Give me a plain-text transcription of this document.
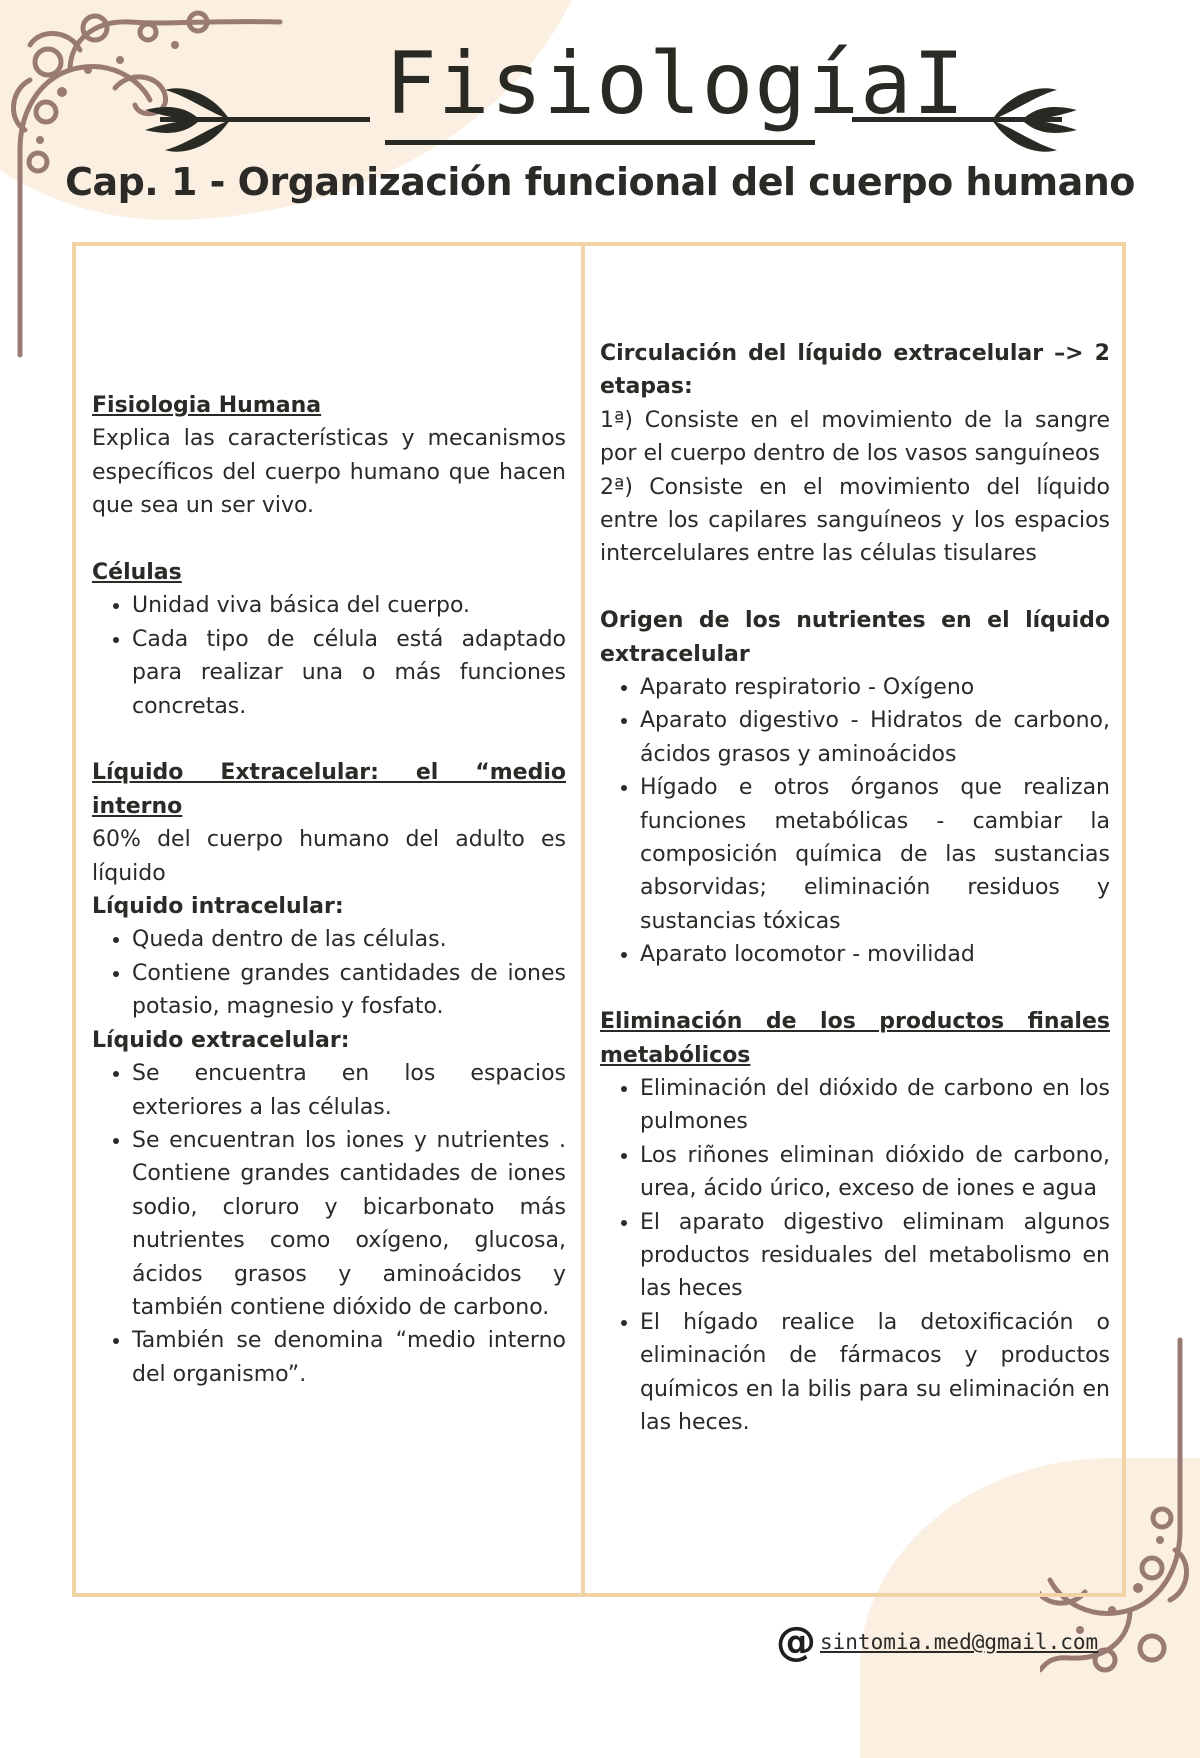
FisiologíaI
Cap. 1 - Organización funcional del cuerpo humano

Fisiologia Humana

Explica las características y mecanismos específicos del cuerpo humano que hacen que sea un ser vivo.

Células

• Unidad viva básica del cuerpo.
• Cada tipo de célula está adaptado para realizar una o más funciones concretas.

Líquido Extracelular: el “medio interno

60% del cuerpo humano del adulto es líquido

Líquido intracelular:

• Queda dentro de las células.
• Contiene grandes cantidades de iones potasio, magnesio y fosfato.

Líquido extracelular:

• Se encuentra en los espacios exteriores a las células.
• Se encuentran los iones y nutrientes . Contiene grandes cantidades de iones sodio, cloruro y bicarbonato más nutrientes como oxígeno, glucosa, ácidos grasos y aminoácidos y también contiene dióxido de carbono.
• También se denomina “medio interno del organismo”.

Circulación del líquido extracelular –> 2 etapas:

1ª) Consiste en el movimiento de la sangre por el cuerpo dentro de los vasos sanguíneos

2ª) Consiste en el movimiento del líquido entre los capilares sanguíneos y los espacios intercelulares entre las células tisulares

Origen de los nutrientes en el líquido extracelular

• Aparato respiratorio - Oxígeno
• Aparato digestivo - Hidratos de carbono, ácidos grasos y aminoácidos
• Hígado e otros órganos que realizan funciones metabólicas - cambiar la composición química de las sustancias absorvidas; eliminación residuos y sustancias tóxicas
• Aparato locomotor - movilidad

Eliminación de los productos finales metabólicos

• Eliminación del dióxido de carbono en los pulmones
• Los riñones eliminan dióxido de carbono, urea, ácido úrico, exceso de iones e agua
• El aparato digestivo eliminam algunos productos residuales del metabolismo en las heces
• El hígado realice la detoxificación o eliminación de fármacos y productos químicos en la bilis para su eliminación en las heces.
@ sintomia.med@gmail.com
